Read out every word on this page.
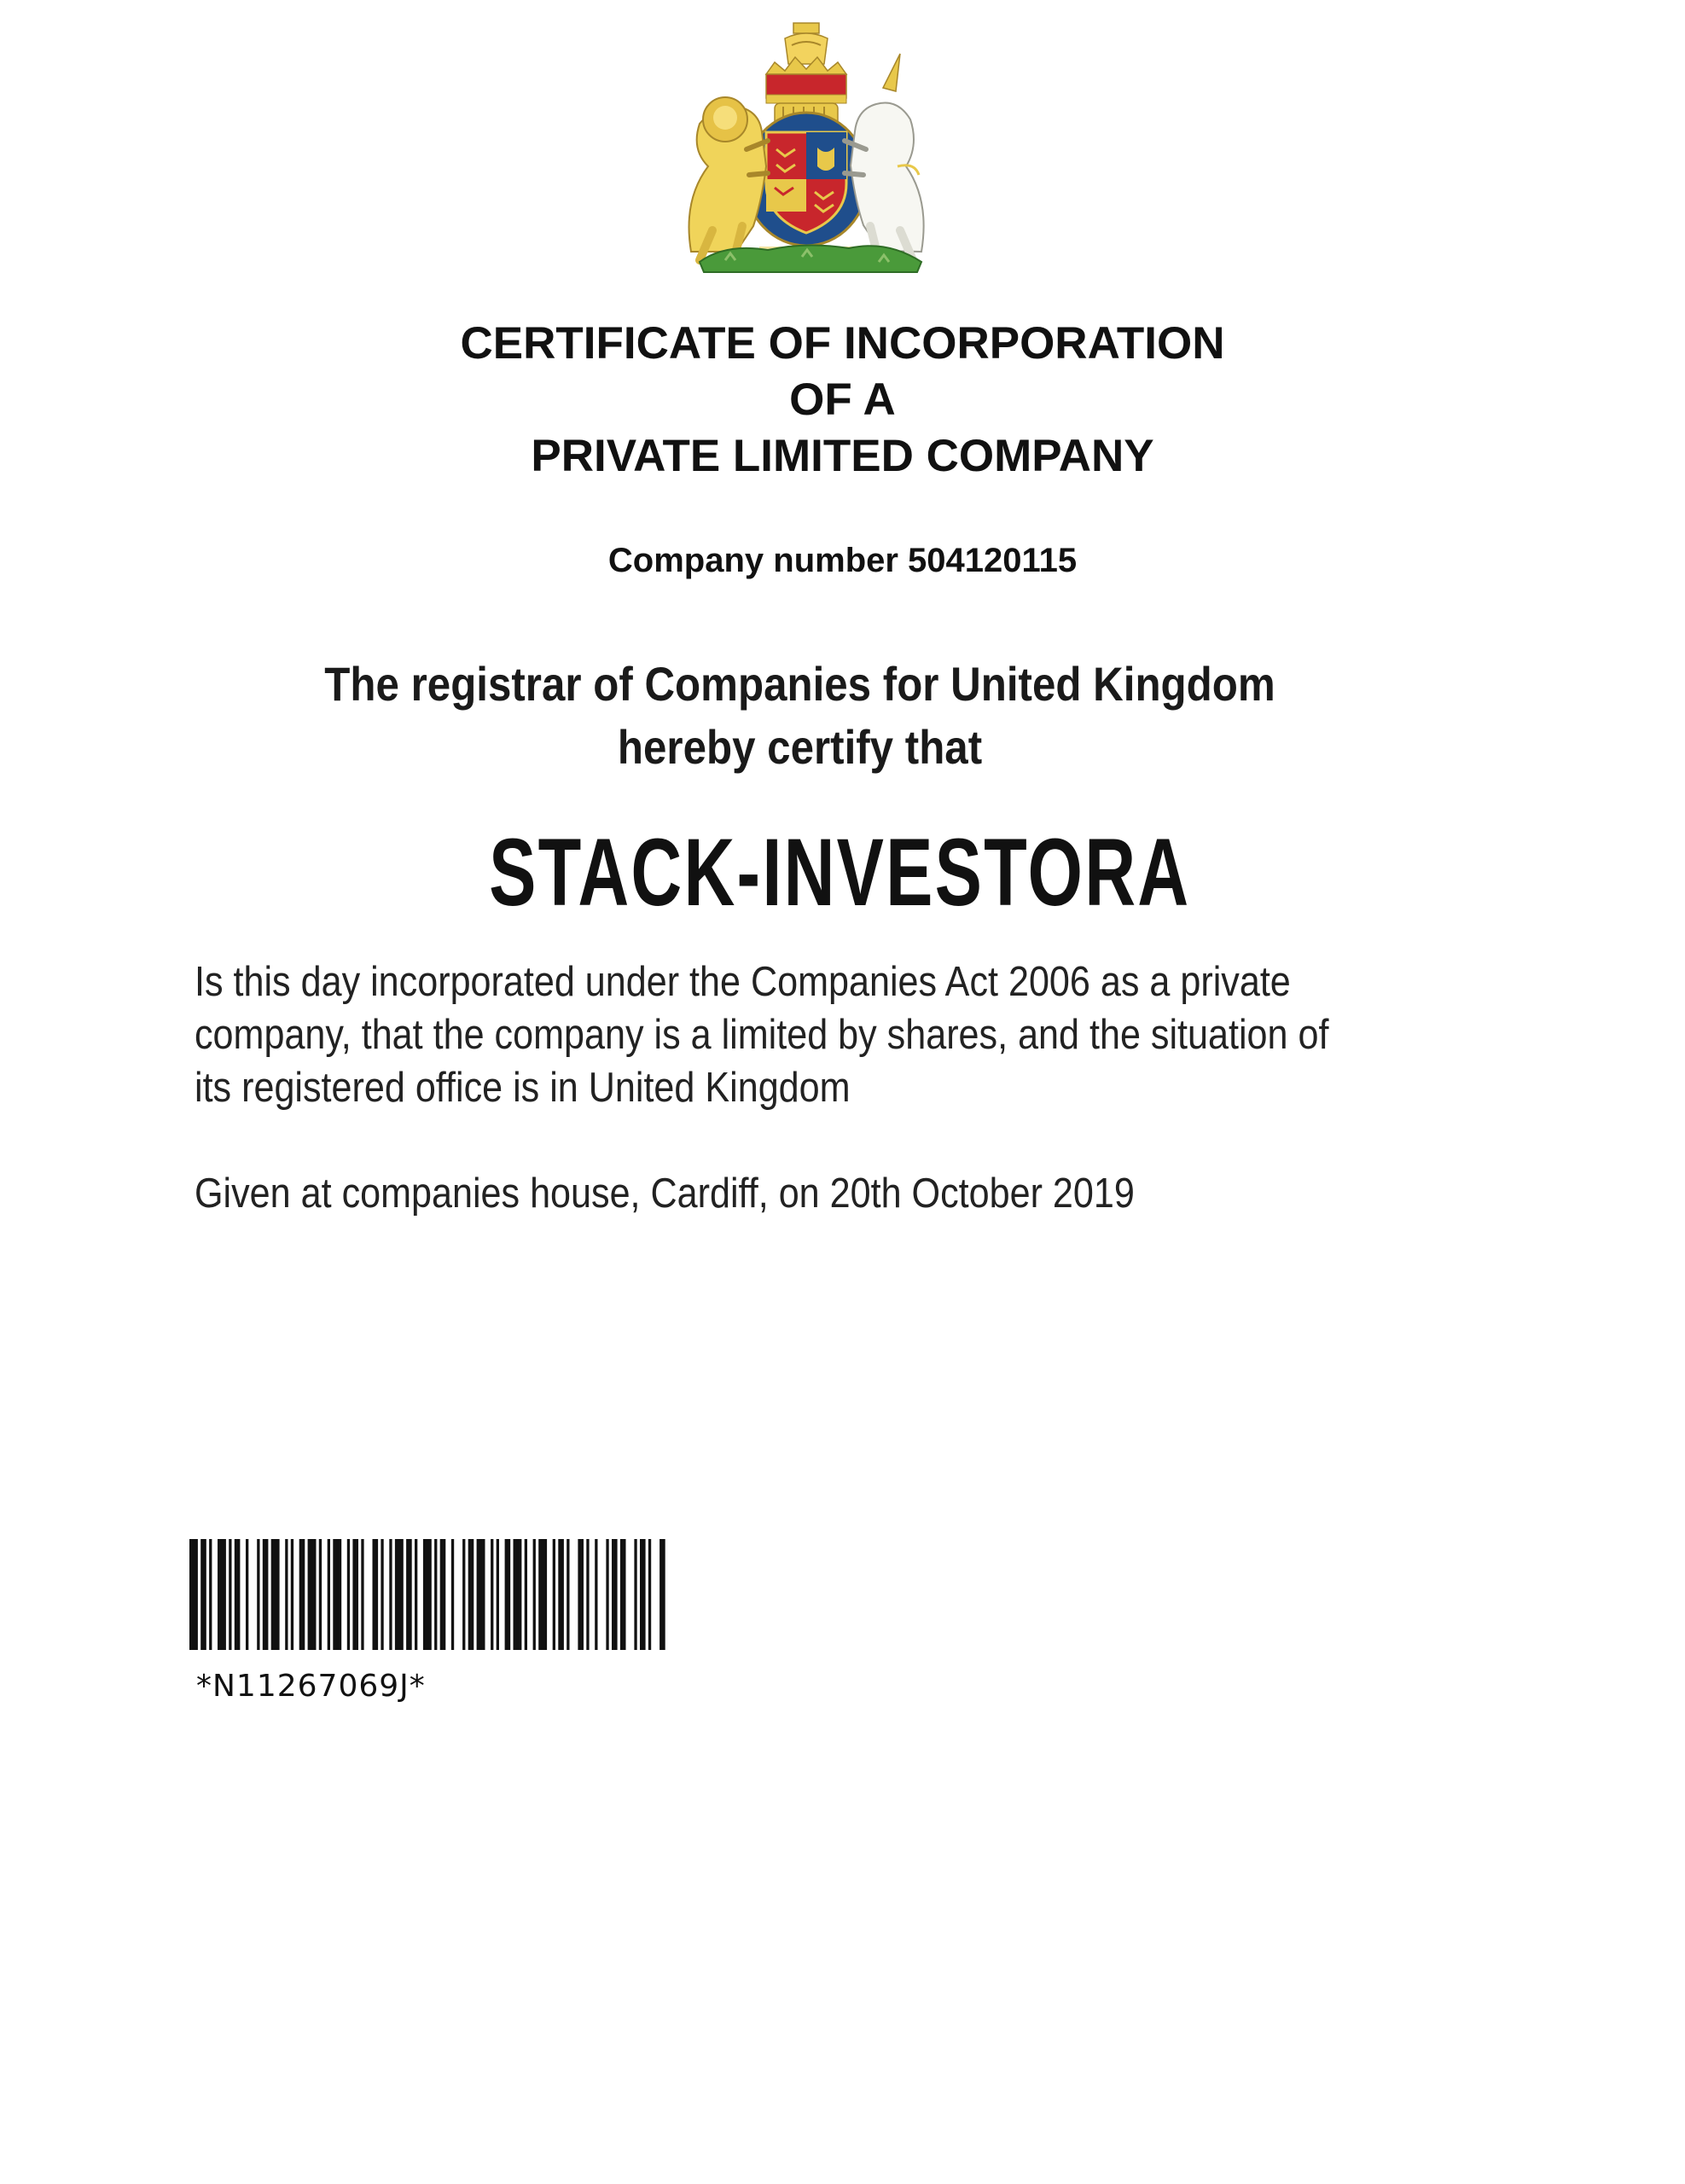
CERTIFICATE OF INCORPORATION
OF A
PRIVATE LIMITED COMPANY
Company number 504120115
The registrar of Companies for United Kingdom
hereby certify that
STACK-INVESTORA
Is this day incorporated under the Companies Act 2006 as a private
company, that the company is a limited by shares, and the situation of
its registered office is in United Kingdom
Given at companies house, Cardiff, on 20th October 2019
*N11267069J*
